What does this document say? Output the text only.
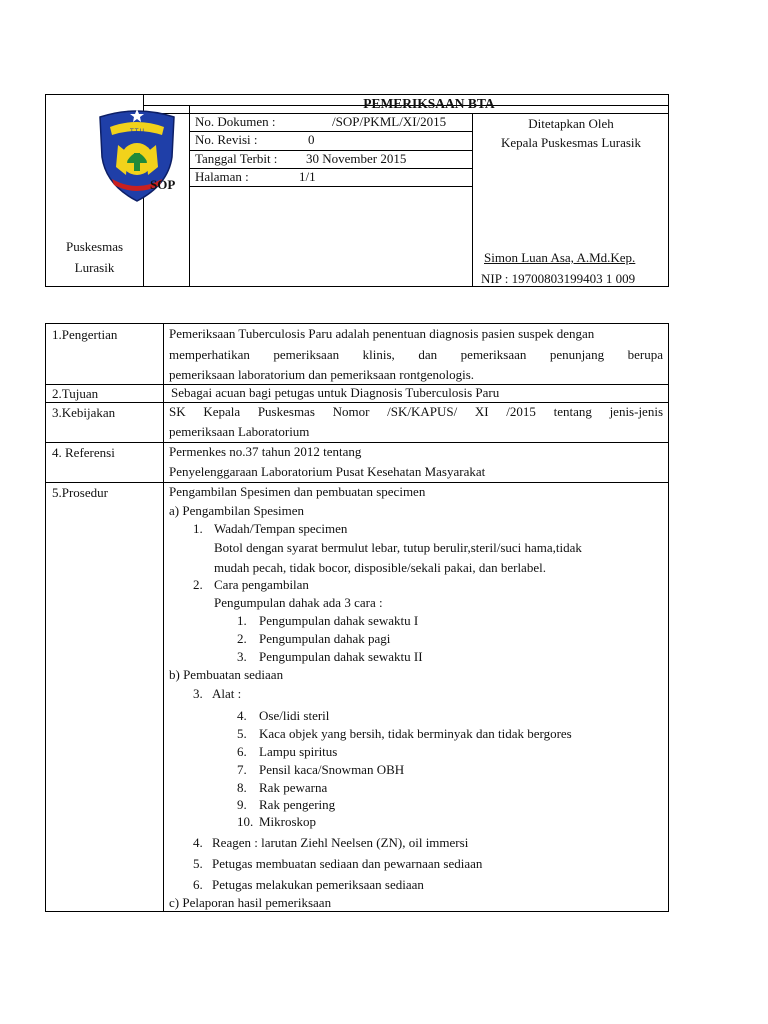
PEMERIKSAAN BTA
T.T.U
SOP
Puskesmas
Lurasik
No. Dokumen :	/SOP/PKML/XI/2015
No. Revisi :	0
Tanggal Terbit : 30 November 2015
Halaman :	1/1
Ditetapkan Oleh
Kepala Puskesmas Lurasik
Simon Luan Asa, A.Md.Kep.
NIP : 19700803199403 1 009
1.Pengertian	Pemeriksaan Tuberculosis Paru adalah penentuan diagnosis pasien suspek dengan
memperhatikan pemeriksaan klinis, dan pemeriksaan penunjang berupa
pemeriksaan laboratorium dan pemeriksaan rontgenologis.
2.Tujuan	Sebagai acuan bagi petugas untuk Diagnosis Tuberculosis Paru
3.Kebijakan	SK Kepala Puskesmas Nomor /SK/KAPUS/ XI /2015 tentang jenis-jenis
pemeriksaan Laboratorium
4. Referensi	Permenkes no.37 tahun 2012 tentang
Penyelenggaraan Laboratorium Pusat Kesehatan Masyarakat
5.Prosedur	Pengambilan Spesimen dan pembuatan specimen
a) Pengambilan Spesimen
1. Wadah/Tempan specimen
Botol dengan syarat bermulut lebar, tutup berulir,steril/suci hama,tidak
mudah pecah, tidak bocor, disposible/sekali pakai, dan berlabel.
2. Cara pengambilan
Pengumpulan dahak ada 3 cara :
1. Pengumpulan dahak sewaktu I
2. Pengumpulan dahak pagi
3. Pengumpulan dahak sewaktu II
b) Pembuatan sediaan
3. Alat :
4. Ose/lidi steril
5. Kaca objek yang bersih, tidak berminyak dan tidak bergores
6. Lampu spiritus
7. Pensil kaca/Snowman OBH
8. Rak pewarna
9. Rak pengering
10. Mikroskop
4. Reagen : larutan Ziehl Neelsen (ZN), oil immersi
5. Petugas membuatan sediaan dan pewarnaan sediaan
6. Petugas melakukan pemeriksaan sediaan
c) Pelaporan hasil pemeriksaan
